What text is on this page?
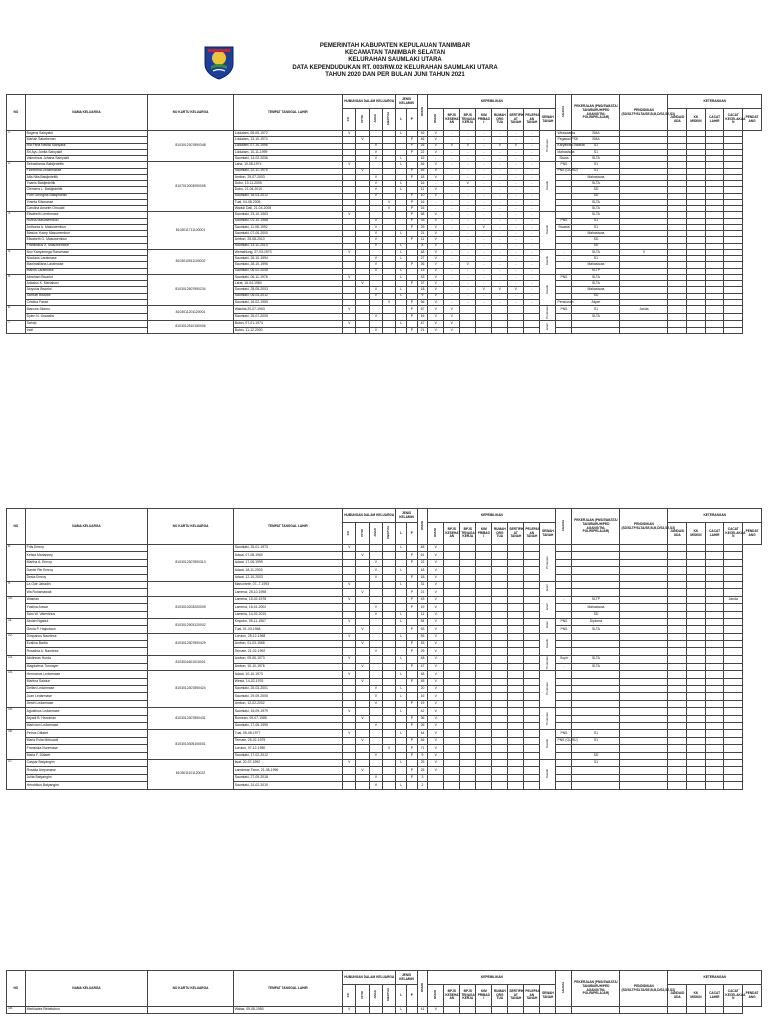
PEMERINTAH KABUPATEN KEPULAUAN TANIMBAR
KECAMATAN TANIMBAR SELATAN
KELURAHAN SAUMLAKI UTARA
DATA KEPENDUDUKAN RT. 003/RW.02 KELURAHAN SAUMLAKI UTARA
TAHUN 2020 DAN PER BULAN JUNI TAHUN 2021
NO	NAMA KELUARGA	NO KARTU KELUARGA	TEMPAT TANGGAL LAHIR	HUBUNGAN DALAM KELUARGA				JENIS KELAMIN		UMUR	KEPEMILIKAN								AGAMA	PEKERJAAN (PNS/SWASTA/ TANI/BURUH/PED AGANG/TNI-POLRI/PELAJAR)	PENDIDIKAN (SD/SLTP/SLTA/SE,B,III,D/S2,S2,S3)	KETERANGAN				
				KK	ISTRI	ANAK	MERTUA	L	P		UMUR	BPJS KESEHAT AN	BPJS TENAGA KERJA	KIM PRIBAD I	RUMAH ORG TUA	SERTIFIK AT TANAH	PELEPAS AN TANAH	SEWAH TANAH				JANDA/D UDA	KK MISKIN	CACAT LAHIR	CACAT KECELAKAA N	PENDAT ANG
1.	Bugens Sainyakit	8103012307890348	Loldalam, 08-05-1972	V				L		49	V	-	-	-	-	-	-	Protestan	Wiraswasta	SMA						
	Martah Salarbenan		Loldalam, 13-10-1974		V				P	46	V	-	-	-	-	-	-		Pegawai PSK	SMA						
	Ria Fitria Navita Sainyakit		Loldalam, 07-10-1996			V			P	25	V	V	V	-	V	V	-		Karyawan Swasta	S1						
	Sri Ayu Junita Sainyakit		Loldalam, 10-11-1999			V			P	22	V	-	-	-	-	-	-		Mahasiswa	S1						
	Valentinus Johana Sainyakit		Saumlaki, 14-02-2006			V		L		15	-	-	-	-	-	-	-		Siswa	SLTA						
2.	Sebastianus Batdjedeltik	8107012003090005	Laha, 10-08-1974	V				L		46	V	-	-	-	-	-	-	Katolik	PNS	S1						
	Florentina Ledarmasse		Saumlaki, 22-11-1975		V				P	45	V	-	-	-	-	-	-		PNS (GURU)	S1						
	Alfa Nita Batdjedeltik		Ambon, 29-07-2003			V			P	18	V	-	-	-	-	-	-			Mahasiswa						
	Yoanis Batdjedeltik		Dobo, 19-11-2005			V		L		16	-	-	V	-	-	-	-			SLTA						
	Clemens L. Batdjedeltik		Dobo, 21-04-2010			V		L		11	V	-	-	-	-	-	-			SD						
	Putri Georgina Batdjedeltik		Saumlaki, 18-03-2012			V			P	10	V	-	-	-	-	-	-			SD						
	Yosefa Kilsmasse		Tual, 04-08-2005				V		P	16	-	-	-	-	-	-	-			SLTA						
	Carolina Anselm Ornuabi		Waduk Dali, 21-04-2005				V		P	16	-	-	-	-	-	-	-			SLTA						
3.	Elisabeth Lerebmase	8103011711100001	Saumlaki, 23-10-1963	V					P	58	V	-	-	-	-	-	-	Katolik		SLTA						
	Rufina Masuwembun		Saumlaki, 01-10-1988			V			P	33	V	-	-	-	-	-	-		PNS	S1						
	Anthonia A. Masuwembun		Saumlaki, 11-08-1992			V			P	29	V	-	-	V	-	-	-		Swasta	S1						
	Blasius Yusep Masuwembun		Saumlaki, 07-06-2000			V		L		21	V	-	-	-	-	-	-			Mahasiswa						
	Elisabeth G. Masuwembun		Ambon, 25-08-2010			V			P	11	V	-	-	-	-	-	-			SD						
	Fransiskus X. Masuwembun		Saumlaki, 13-11-2013			V		L		8	V	-	-	-	-	-	-			SD						
4.	Nov Kanyamega Ranamase	8103010511100002	Wemalilung, 27-03-1973	V				L		48	V	-	-	-	-	-	-	Katolik	-	SLTA	V					
	Nicolaus Laratmase		Saumlaki, 26-10-1994			V		L		27	V	-	-	-	-	-	-		-	S1						
	Maximalliana Laratmase		Saumlaki, 28-10-1996			V			P	26	V	-	V	-	-	-	-			Mahasiswa						
	Marcis Laratmase		Saumlaki, 06-02-2008			V		L		13	V	-	-	-	-	-	-			SLTP						
5.	Abraham Bwarlot	8103012507990234	Saumlaki, 06-11-1978	V				L		43	V	-	-	-	-	-	-	Katolik	PNS	SLTA						
	Adasius K. Mertakosi		Larat, 16-04-1984		V				P	37	V	-	-	-	-	-	-			SLTA						
	Aloysius Bwarlot		Saumlaki, 28-08-2003			V		L		18	V	-	-	V	V	V	-			Mahasiswa						
	Samuel Bwarlot		Saumlaki, 06-04-2012			V		L		9	V	-	-	-	-	-	-			SD						
	Cristina Fasse		Saumlaki, 16-02-1955				V		P	66	V	-	-	-	-	-	-		Pensiunan	Akper						
6.	Marcois Sidonu	8103011201120001	Waloilal,20-07-1963	V					P	57	V	V						Protestan	PNS	S1	Janda					
	Dylen N. Urawalla		Saumlaki, 25-07-2005			V			P	16	V	V								SLTA						
7.	Sahrip	8103012510150006	Buton, 07-01-1974	V				L		47	V	V						Islam								
	Indri		Buton, 11-12-2000			V			P	21	V	V														
NO	NAMA KELUARGA	NO KARTU KELUARGA	TEMPAT TANGGAL LAHIR	HUBUNGAN DALAM KELUARGA				JENIS KELAMIN		UMUR	KEPEMILIKAN								AGAMA	PEKERJAAN (PNS/SWASTA/ TANI/BURUH/PED AGANG/TNI-POLRI/PELAJAR)	PENDIDIKAN (SD/SLTP/SLTA/SE,B,III,D/S2,S2,S3)	KETERANGAN				
				KK	ISTRI	ANAK	MERTUA	L	P		UMUR	BPJS KESEHAT AN	BPJS TENAGA KERJA	KIM PRIBAD I	RUMAH ORG TUA	SERTIFIK AT TANAH	PELEPAS AN TANAH	SEWAH TANAH				JANDA/D UDA	KK MISKIN	CACAT LAHIR	CACAT KECELAKAA N	PENDAT ANG
8.	Frits Emroy	8103012307890313	Saumlaki, 25-01-1973	V				L		48	V							Protestan								
	Ketsia Marianney		Adaut, 07-08-1960		V				P	61	V															
	Martha A. Emroy		Adaut, 17-06-1999			V			P	22	V															
	Daniel Rie Emroy		Adaut, 18-11-2003			V		L		18	V															
	Desia Emroy		Adaut, 12-10-2003			V			P	18	V															
9.	La Ode Jahadin		Mancorete, 07--7-1993	V				L		31	V							Islam								
	Wa Rohamawati		Lamena, 28-10-1998		V				P	21	V															
10.	Wasrian	8103010203200009	Lamena, 15-02-1978	V					P	43	V							Islam	-	SLTP					Janda	
	Yustina Anwar		Lamena, 15-01-2002			V			P	19	V									Mahasiswa						
	Sam W. Valentinus		Lamena, 14-02-2010			V		L		11	V									SD						
11.	Abdan Ngabut	8103012903120002	Kinjodor, 05-11-1967	V				L		54	V							Islam	PNS	Diploma						
	Genia P. Hajiudaun		Tual, 01-03-1968		V				P	53	V								PNS	SLTA						
12.	Dimpanus Naurtese	8103012307890429	Lorulun, 25-12-1968	V				L		53	V							Katolik								
	Evalina Bartia		Ambon, 01-03-1968		V				P	53	V															
	Rosalina A. Naurtese		Ternate, 21-02-1992			V			P	29	V															
13.	Abdinnas Hurda	8103011601010001	Ambon, 09-06-1973	V				L		48	V							Protestan	Supir	SLTA						
	Magdalena Tormayer		Ambon, 10-10-1976		V				P	47	V								-	SLTA						
14.	Hermanus Ledarmase	8103012307890424	Adaut, 10-10-1973	V				L		48	V							Protestan								
	Martina Salalun		Wesia, 14-02-1976		V				P	45	V															
	Delfan Ledarmase		Saumlaki, 25-03-2001			V		L		20	V															
	Juan Ledarmase		Saumlaki, 29-09-2005			V		L		16	V															
	Jiesth Ledarmase		Ambon, 12-02-2002			V			P	19	V															
15.	Agustinus Ledarmase	8103012307890431	Saumlaki, 15-09-1979	V				L		42	V							Protestan								
	Aryadi B. Hanoinan		Romean, 09-07-1985		V				P	36	V															
	Mariciom Ledarmase		Saumlaki, 17-08-1995			V			P	26	V															
16.	Petrus Ditlatet	8103010305100001	Tual, 05-08-1977	V				L		44	V							Katolik	PNS	S1						
	Maria Evita Mekuaoli		Ternate, 25-02-1975		V				P	46	V								PNS (GURU)	S1						
	Fransiska Nuremase		Lorulun, 07-12-1950				V		P	71	V															
	Maria F. Ditlatet		Saumlaki, 17-02-2012			V			P	9	V									SD						
17.	Caspar Batyangim	8103011101120022	Ilsat, 20-07-1992	V				L		29	V							Katolik		S1						
	Rosalia Ampumase		Lamdesar Timur, 21-08-1996		V				P	25	V															
	Julita Batyangim		Saumlaki, 27-09-2018			V			P	3																
	Hendrikus Batyangim		Saumlaki, 31-02-2019			V		L		2																
NO	NAMA KELUARGA	NO KARTU KELUARGA	TEMPAT TANGGAL LAHIR	HUBUNGAN DALAM KELUARGA				JENIS KELAMIN		UMUR	KEPEMILIKAN								AGAMA	PEKERJAAN (PNS/SWASTA/ TANI/BURUH/PED AGANG/TNI-POLRI/PELAJAR)	PENDIDIKAN (SD/SLTP/SLTA/SE,B,III,D/S2,S2,S3)	KETERANGAN				
				KK	ISTRI	ANAK	MERTUA	L	P		UMUR	BPJS KESEHAT AN	BPJS TENAGA KERJA	KIM PRIBAD I	RUMAH ORG TUA	SERTIFIK AT TANAH	PELEPAS AN TANAH	SEWAH TANAH				JANDA/D UDA	KK MISKIN	CACAT LAHIR	CACAT KECELAKAA N	PENDAT ANG
18.	Merkiades Rebetubun		Wabar, 09-08-1980	V				L		41	V															
